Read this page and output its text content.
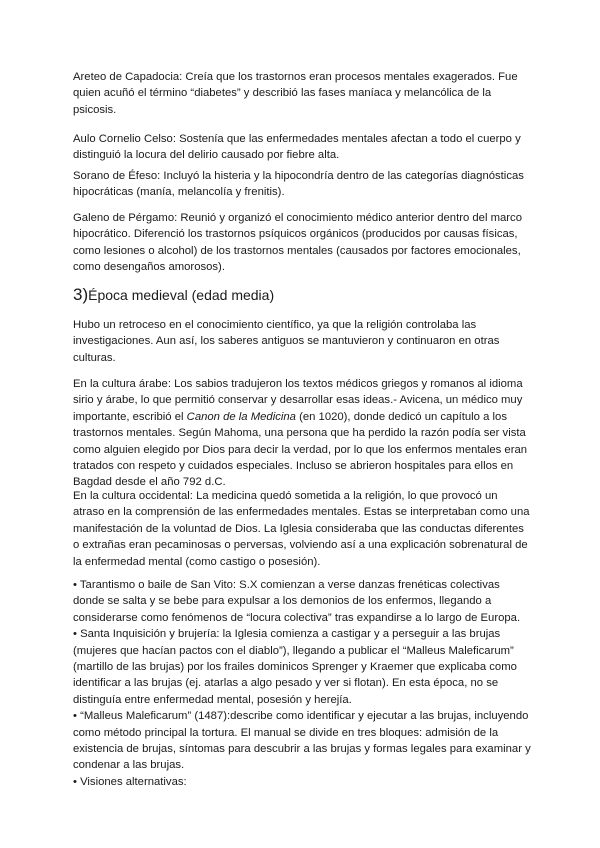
Areteo de Capadocia: Creía que los trastornos eran procesos mentales exagerados. Fue quien acuñó el término “diabetes” y describió las fases maníaca y melancólica de la psicosis.

Aulo Cornelio Celso: Sostenía que las enfermedades mentales afectan a todo el cuerpo y distinguió la locura del delirio causado por fiebre alta.

Sorano de Éfeso: Incluyó la histeria y la hipocondría dentro de las categorías diagnósticas hipocráticas (manía, melancolía y frenitis).

Galeno de Pérgamo: Reunió y organizó el conocimiento médico anterior dentro del marco hipocrático. Diferenció los trastornos psíquicos orgánicos (producidos por causas físicas, como lesiones o alcohol) de los trastornos mentales (causados por factores emocionales, como desengaños amorosos).

3)Época medieval (edad media)

Hubo un retroceso en el conocimiento científico, ya que la religión controlaba las investigaciones. Aun así, los saberes antiguos se mantuvieron y continuaron en otras culturas.

En la cultura árabe: Los sabios tradujeron los textos médicos griegos y romanos al idioma sirio y árabe, lo que permitió conservar y desarrollar esas ideas.- Avicena, un médico muy importante, escribió el Canon de la Medicina (en 1020), donde dedicó un capítulo a los trastornos mentales. Según Mahoma, una persona que ha perdido la razón podía ser vista como alguien elegido por Dios para decir la verdad, por lo que los enfermos mentales eran tratados con respeto y cuidados especiales. Incluso se abrieron hospitales para ellos en Bagdad desde el año 792 d.C.

En la cultura occidental: La medicina quedó sometida a la religión, lo que provocó un atraso en la comprensión de las enfermedades mentales. Estas se interpretaban como una manifestación de la voluntad de Dios. La Iglesia consideraba que las conductas diferentes o extrañas eran pecaminosas o perversas, volviendo así a una explicación sobrenatural de la enfermedad mental (como castigo o posesión).

• Tarantismo o baile de San Vito: S.X comienzan a verse danzas frenéticas colectivas donde se salta y se bebe para expulsar a los demonios de los enfermos, llegando a considerarse como fenómenos de “locura colectiva” tras expandirse a lo largo de Europa.
• Santa Inquisición y brujería: la Iglesia comienza a castigar y a perseguir a las brujas (mujeres que hacían pactos con el diablo”), llegando a publicar el “Malleus Maleficarum” (martillo de las brujas) por los frailes dominicos Sprenger y Kraemer que explicaba como identificar a las brujas (ej. atarlas a algo pesado y ver si flotan). En esta época, no se distinguía entre enfermedad mental, posesión y herejía.
• “Malleus Maleficarum” (1487):describe como identificar y ejecutar a las brujas, incluyendo como método principal la tortura. El manual se divide en tres bloques: admisión de la existencia de brujas, síntomas para descubrir a las brujas y formas legales para examinar y condenar a las brujas.
• Visiones alternativas:
